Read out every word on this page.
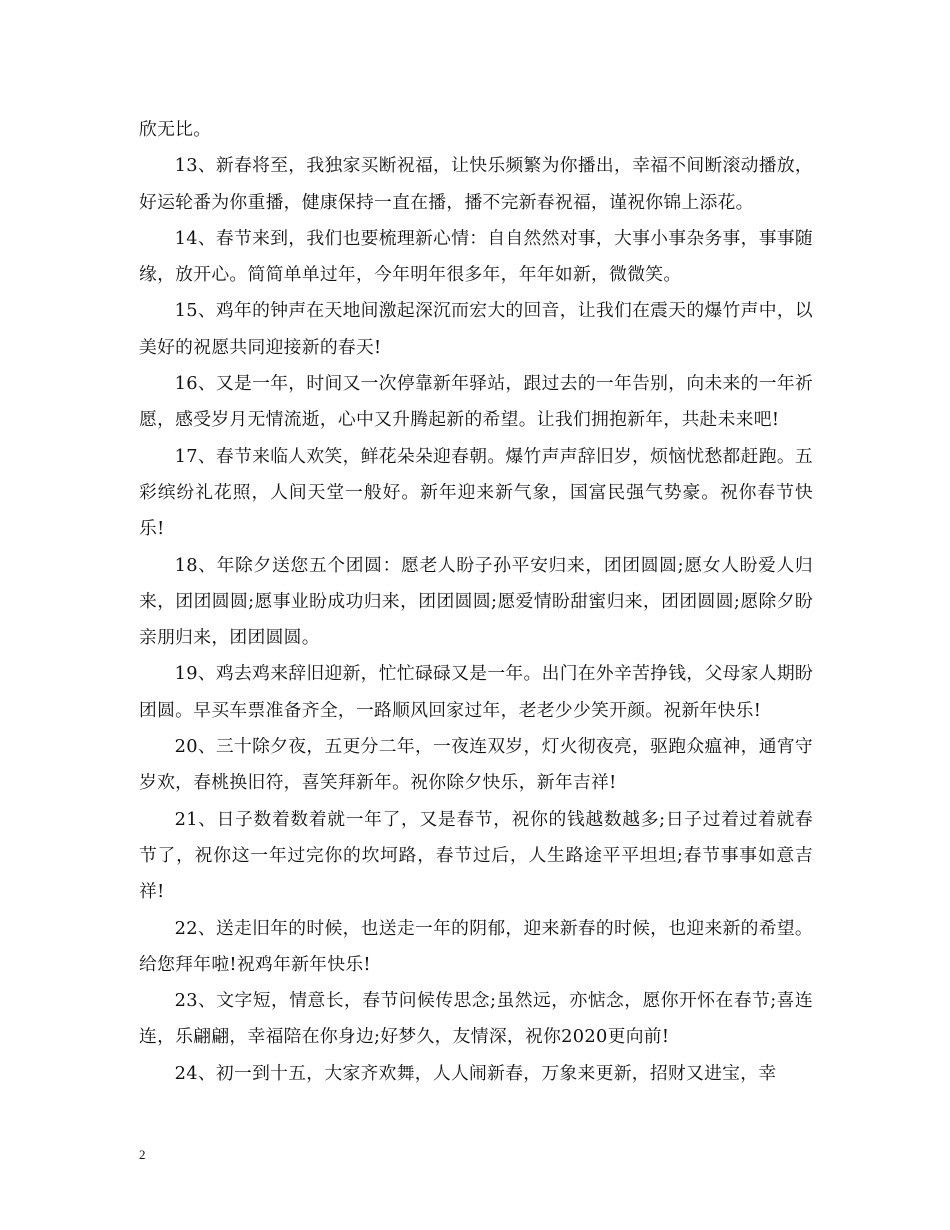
欣无比。

13、新春将至，我独家买断祝福，让快乐频繁为你播出，幸福不间断滚动播放，好运轮番为你重播，健康保持一直在播，播不完新春祝福，谨祝你锦上添花。

14、春节来到，我们也要梳理新心情：自自然然对事，大事小事杂务事，事事随缘，放开心。简简单单过年，今年明年很多年，年年如新，微微笑。

15、鸡年的钟声在天地间激起深沉而宏大的回音，让我们在震天的爆竹声中，以美好的祝愿共同迎接新的春天!

16、又是一年，时间又一次停靠新年驿站，跟过去的一年告别，向未来的一年祈愿，感受岁月无情流逝，心中又升腾起新的希望。让我们拥抱新年，共赴未来吧!

17、春节来临人欢笑，鲜花朵朵迎春朝。爆竹声声辞旧岁，烦恼忧愁都赶跑。五彩缤纷礼花照，人间天堂一般好。新年迎来新气象，国富民强气势豪。祝你春节快乐!

18、年除夕送您五个团圆：愿老人盼子孙平安归来，团团圆圆;愿女人盼爱人归来，团团圆圆;愿事业盼成功归来，团团圆圆;愿爱情盼甜蜜归来，团团圆圆;愿除夕盼亲朋归来，团团圆圆。

19、鸡去鸡来辞旧迎新，忙忙碌碌又是一年。出门在外辛苦挣钱，父母家人期盼团圆。早买车票准备齐全，一路顺风回家过年，老老少少笑开颜。祝新年快乐!

20、三十除夕夜，五更分二年，一夜连双岁，灯火彻夜亮，驱跑众瘟神，通宵守岁欢，春桃换旧符，喜笑拜新年。祝你除夕快乐，新年吉祥!

21、日子数着数着就一年了，又是春节，祝你的钱越数越多;日子过着过着就春节了，祝你这一年过完你的坎坷路，春节过后，人生路途平平坦坦;春节事事如意吉祥!

22、送走旧年的时候，也送走一年的阴郁，迎来新春的时候，也迎来新的希望。给您拜年啦!祝鸡年新年快乐!

23、文字短，情意长，春节问候传思念;虽然远，亦惦念，愿你开怀在春节;喜连连，乐翩翩，幸福陪在你身边;好梦久，友情深，祝你2020更向前!

24、初一到十五，大家齐欢舞，人人闹新春，万象来更新，招财又进宝，幸

2
